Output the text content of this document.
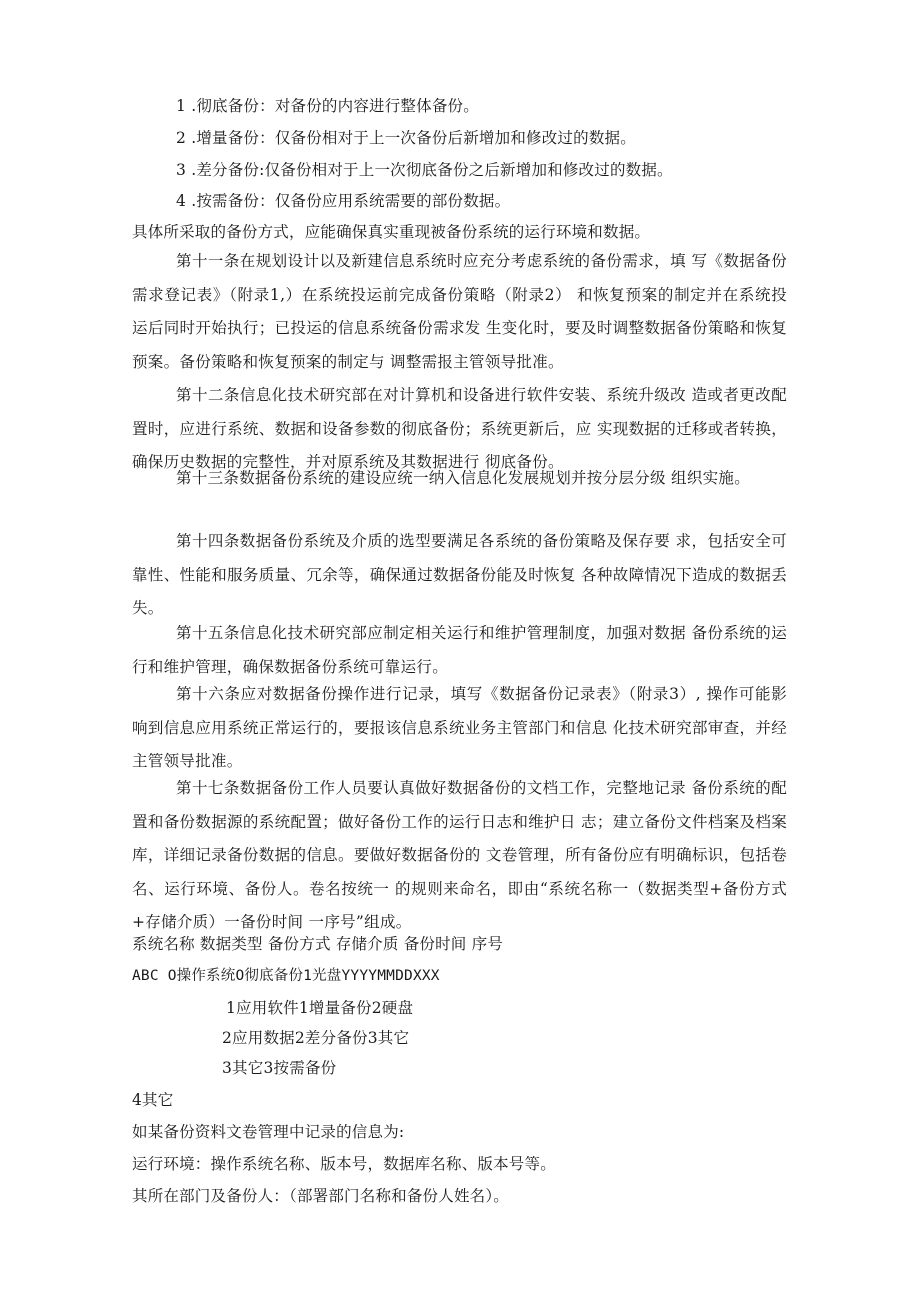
1 .彻底备份：对备份的内容进行整体备份。
2 .增量备份：仅备份相对于上一次备份后新增加和修改过的数据。
3 .差分备份:仅备份相对于上一次彻底备份之后新增加和修改过的数据。
4 .按需备份：仅备份应用系统需要的部份数据。
具体所采取的备份方式，应能确保真实重现被备份系统的运行环境和数据。
第十一条在规划设计以及新建信息系统时应充分考虑系统的备份需求，填 写《数据备份需求登记表》（附录1,）在系统投运前完成备份策略（附录2） 和恢复预案的制定并在系统投运后同时开始执行；已投运的信息系统备份需求发 生变化时，要及时调整数据备份策略和恢复预案。备份策略和恢复预案的制定与 调整需报主管领导批准。
第十二条信息化技术研究部在对计算机和设备进行软件安装、系统升级改 造或者更改配置时，应进行系统、数据和设备参数的彻底备份；系统更新后，应 实现数据的迁移或者转换，确保历史数据的完整性，并对原系统及其数据进行 彻底备份。
第十三条数据备份系统的建设应统一纳入信息化发展规划并按分层分级 组织实施。
第十四条数据备份系统及介质的选型要满足各系统的备份策略及保存要 求，包括安全可靠性、性能和服务质量、冗余等，确保通过数据备份能及时恢复 各种故障情况下造成的数据丢失。
第十五条信息化技术研究部应制定相关运行和维护管理制度，加强对数据 备份系统的运行和维护管理，确保数据备份系统可靠运行。
第十六条应对数据备份操作进行记录，填写《数据备份记录表》（附录3）, 操作可能影响到信息应用系统正常运行的，要报该信息系统业务主管部门和信息 化技术研究部审查，并经主管领导批准。
第十七条数据备份工作人员要认真做好数据备份的文档工作，完整地记录 备份系统的配置和备份数据源的系统配置；做好备份工作的运行日志和维护日 志；建立备份文件档案及档案库，详细记录备份数据的信息。要做好数据备份的 文卷管理，所有备份应有明确标识，包括卷名、运行环境、备份人。卷名按统一 的规则来命名，即由“系统名称一（数据类型+备份方式+存储介质）一备份时间 一序号”组成。
系统名称 数据类型 备份方式 存储介质 备份时间 序号
ABC O操作系统O彻底备份1光盘YYYYMMDDXXX
1应用软件1增量备份2硬盘
2应用数据2差分备份3其它
3其它3按需备份
4其它
如某备份资料文卷管理中记录的信息为:
运行环境：操作系统名称、版本号，数据库名称、版本号等。
其所在部门及备份人：（部署部门名称和备份人姓名）。
